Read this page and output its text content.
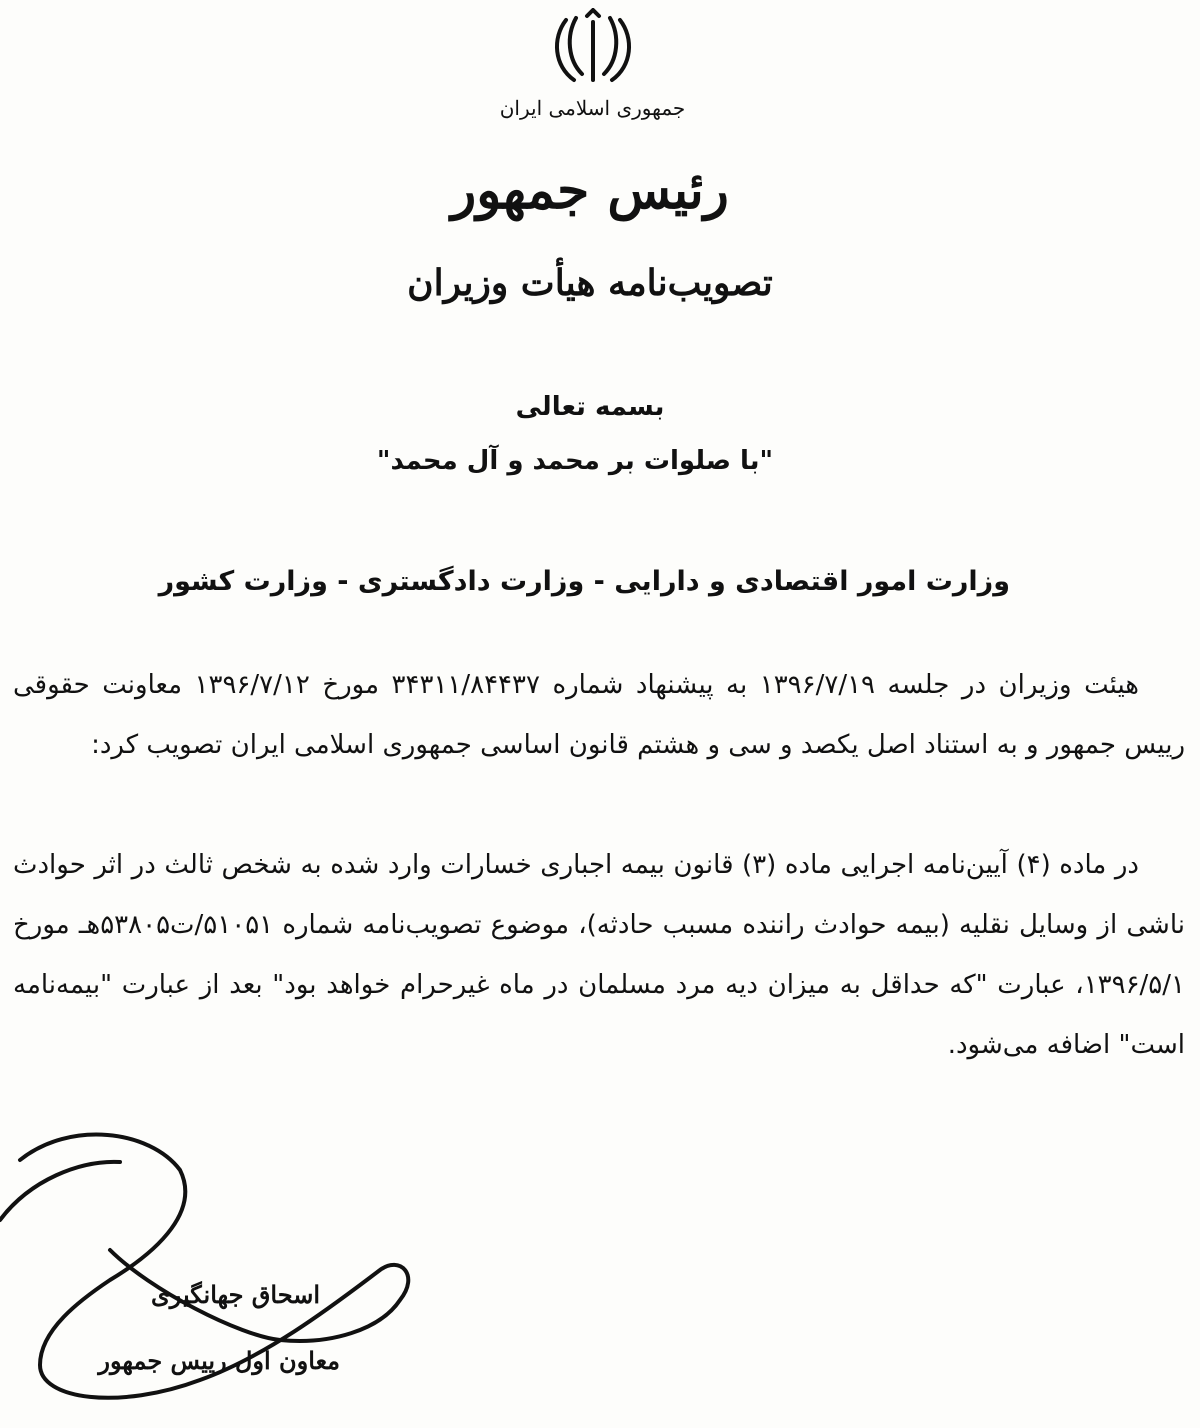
جمهوری اسلامی ایران
رئیس جمهور
تصویب‌نامه هیأت وزیران
بسمه تعالی
"با صلوات بر محمد و آل محمد"
وزارت امور اقتصادی و دارایی - وزارت دادگستری - وزارت کشور

هیئت وزیران در جلسه ۱۳۹۶/۷/۱۹ به پیشنهاد شماره ۳۴۳۱۱/۸۴۴۳۷ مورخ ۱۳۹۶/۷/۱۲ معاونت حقوقی رییس جمهور و به استناد اصل یکصد و سی و هشتم قانون اساسی جمهوری اسلامی ایران تصویب کرد:

در ماده (۴) آیین‌نامه اجرایی ماده (۳) قانون بیمه اجباری خسارات وارد شده به شخص ثالث در اثر حوادث ناشی از وسایل نقلیه (بیمه حوادث راننده مسبب حادثه)، موضوع تصویب‌نامه شماره ۵۱۰۵۱/ت۵۳۸۰۵هـ مورخ ۱۳۹۶/۵/۱، عبارت "که حداقل به میزان دیه مرد مسلمان در ماه غیرحرام خواهد بود" بعد از عبارت "بیمه‌نامه است" اضافه می‌شود.

اسحاق جهانگیری
معاون اول رییس جمهور
